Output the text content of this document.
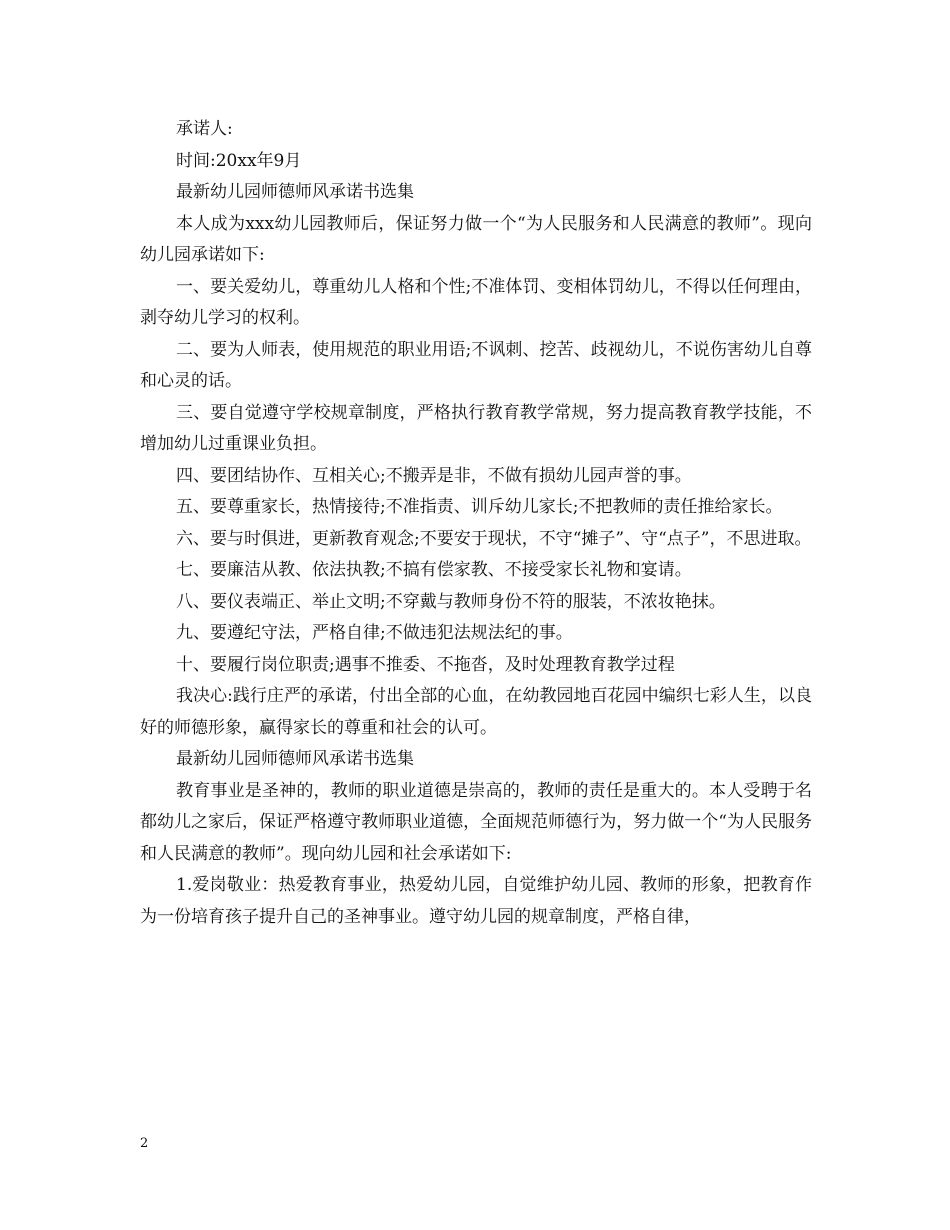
承诺人:

时间:20xx年9月

最新幼儿园师德师风承诺书选集

本人成为xxx幼儿园教师后，保证努力做一个“为人民服务和人民满意的教师”。现向幼儿园承诺如下:

一、要关爱幼儿，尊重幼儿人格和个性;不准体罚、变相体罚幼儿，不得以任何理由，剥夺幼儿学习的权利。

二、要为人师表，使用规范的职业用语;不讽刺、挖苦、歧视幼儿，不说伤害幼儿自尊和心灵的话。

三、要自觉遵守学校规章制度，严格执行教育教学常规，努力提高教育教学技能，不增加幼儿过重课业负担。

四、要团结协作、互相关心;不搬弄是非，不做有损幼儿园声誉的事。

五、要尊重家长，热情接待;不准指责、训斥幼儿家长;不把教师的责任推给家长。

六、要与时俱进，更新教育观念;不要安于现状，不守“摊子”、守“点子”，不思进取。

七、要廉洁从教、依法执教;不搞有偿家教、不接受家长礼物和宴请。

八、要仪表端正、举止文明;不穿戴与教师身份不符的服装，不浓妆艳抹。

九、要遵纪守法，严格自律;不做违犯法规法纪的事。

十、要履行岗位职责;遇事不推委、不拖沓，及时处理教育教学过程

我决心:践行庄严的承诺，付出全部的心血，在幼教园地百花园中编织七彩人生，以良好的师德形象，赢得家长的尊重和社会的认可。

最新幼儿园师德师风承诺书选集

教育事业是圣神的，教师的职业道德是崇高的，教师的责任是重大的。本人受聘于名都幼儿之家后，保证严格遵守教师职业道德，全面规范师德行为，努力做一个“为人民服务和人民满意的教师”。现向幼儿园和社会承诺如下:

1.爱岗敬业：热爱教育事业，热爱幼儿园，自觉维护幼儿园、教师的形象，把教育作为一份培育孩子提升自己的圣神事业。遵守幼儿园的规章制度，严格自律，

2
